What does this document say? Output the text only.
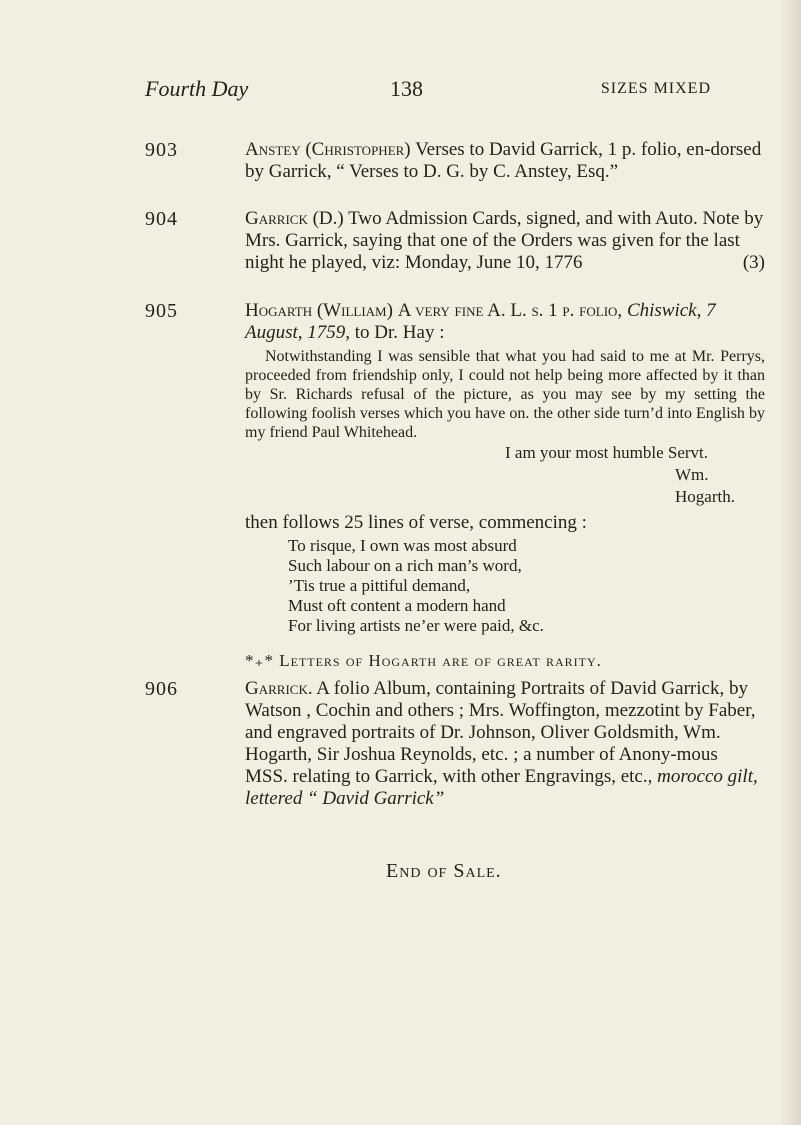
Fourth Day	138	SIZES MIXED
903	Anstey (Christopher) Verses to David Garrick, 1 p. folio, en-dorsed by Garrick, “ Verses to D. G. by C. Anstey, Esq.”
904	Garrick (D.) Two Admission Cards, signed, and with Auto. Note by Mrs. Garrick, saying that one of the Orders was given for the last night he played, viz: Monday, June 10, 1776	(3)
905	Hogarth (William) A very fine A. L. s. 1 p. folio, Chiswick, 7 August, 1759, to Dr. Hay :
Notwithstanding I was sensible that what you had said to me at Mr. Perrys, proceeded from friendship only, I could not help being more affected by it than by Sr. Richards refusal of the picture, as you may see by my setting the following foolish verses which you have on. the other side turn’d into English by my friend Paul Whitehead.
I am your most humble Servt.
Wm. Hogarth.
then follows 25 lines of verse, commencing :
To risque, I own was most absurd
Such labour on a rich man’s word,
’Tis true a pittiful demand,
Must oft content a modern hand
For living artists ne’er were paid, &c.
*₊* Letters of Hogarth are of great rarity.
906	Garrick. A folio Album, containing Portraits of David Garrick, by Watson , Cochin and others ; Mrs. Woffington, mezzotint by Faber, and engraved portraits of Dr. Johnson, Oliver Goldsmith, Wm. Hogarth, Sir Joshua Reynolds, etc. ; a number of Anony-mous MSS. relating to Garrick, with other Engravings, etc., morocco gilt, lettered “ David Garrick”
End of Sale.
